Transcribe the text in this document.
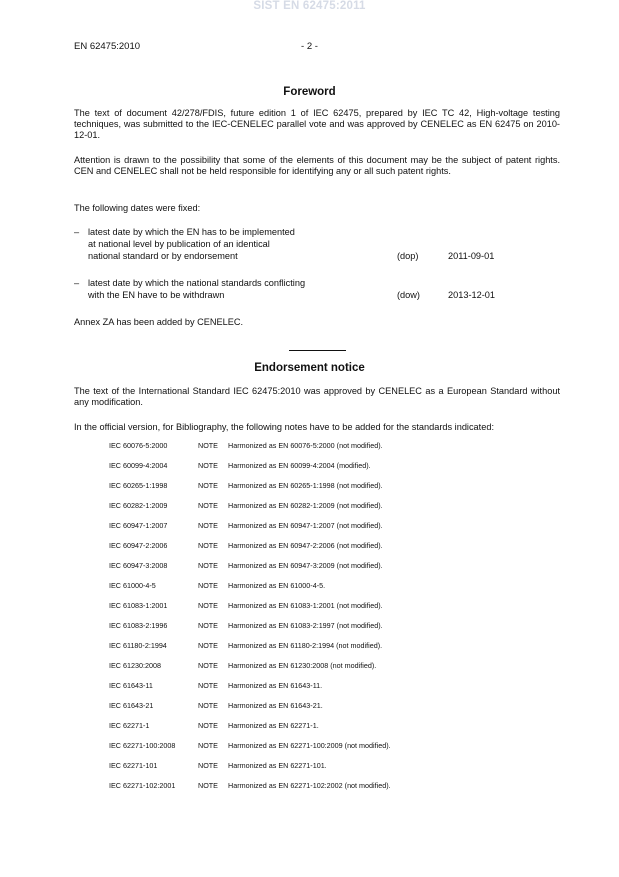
SIST EN 62475:2011
EN 62475:2010	- 2 -
Foreword

The text of document 42/278/FDIS, future edition 1 of IEC 62475, prepared by IEC TC 42, High-voltage testing techniques, was submitted to the IEC-CENELEC parallel vote and was approved by CENELEC as EN 62475 on 2010-12-01.

Attention is drawn to the possibility that some of the elements of this document may be the subject of patent rights. CEN and CENELEC shall not be held responsible for identifying any or all such patent rights.

The following dates were fixed:

– latest date by which the EN has to be implemented
at national level by publication of an identical
national standard or by endorsement	(dop)	2011-09-01
– latest date by which the national standards conflicting
with the EN have to be withdrawn	(dow)	2013-12-01

Annex ZA has been added by CENELEC.

Endorsement notice

The text of the International Standard IEC 62475:2010 was approved by CENELEC as a European Standard without any modification.

In the official version, for Bibliography, the following notes have to be added for the standards indicated:

IEC 60076-5:2000	NOTE Harmonized as EN 60076-5:2000 (not modified).
IEC 60099-4:2004	NOTE Harmonized as EN 60099-4:2004 (modified).
IEC 60265-1:1998	NOTE Harmonized as EN 60265-1:1998 (not modified).
IEC 60282-1:2009	NOTE Harmonized as EN 60282-1:2009 (not modified).
IEC 60947-1:2007	NOTE Harmonized as EN 60947-1:2007 (not modified).
IEC 60947-2:2006	NOTE Harmonized as EN 60947-2:2006 (not modified).
IEC 60947-3:2008	NOTE Harmonized as EN 60947-3:2009 (not modified).
IEC 61000-4-5	NOTE Harmonized as EN 61000-4-5.
IEC 61083-1:2001	NOTE Harmonized as EN 61083-1:2001 (not modified).
IEC 61083-2:1996	NOTE Harmonized as EN 61083-2:1997 (not modified).
IEC 61180-2:1994	NOTE Harmonized as EN 61180-2:1994 (not modified).
IEC 61230:2008	NOTE Harmonized as EN 61230:2008 (not modified).
IEC 61643-11	NOTE Harmonized as EN 61643-11.
IEC 61643-21	NOTE Harmonized as EN 61643-21.
IEC 62271-1	NOTE Harmonized as EN 62271-1.
IEC 62271-100:2008	NOTE Harmonized as EN 62271-100:2009 (not modified).
IEC 62271-101	NOTE Harmonized as EN 62271-101.
IEC 62271-102:2001	NOTE Harmonized as EN 62271-102:2002 (not modified).
